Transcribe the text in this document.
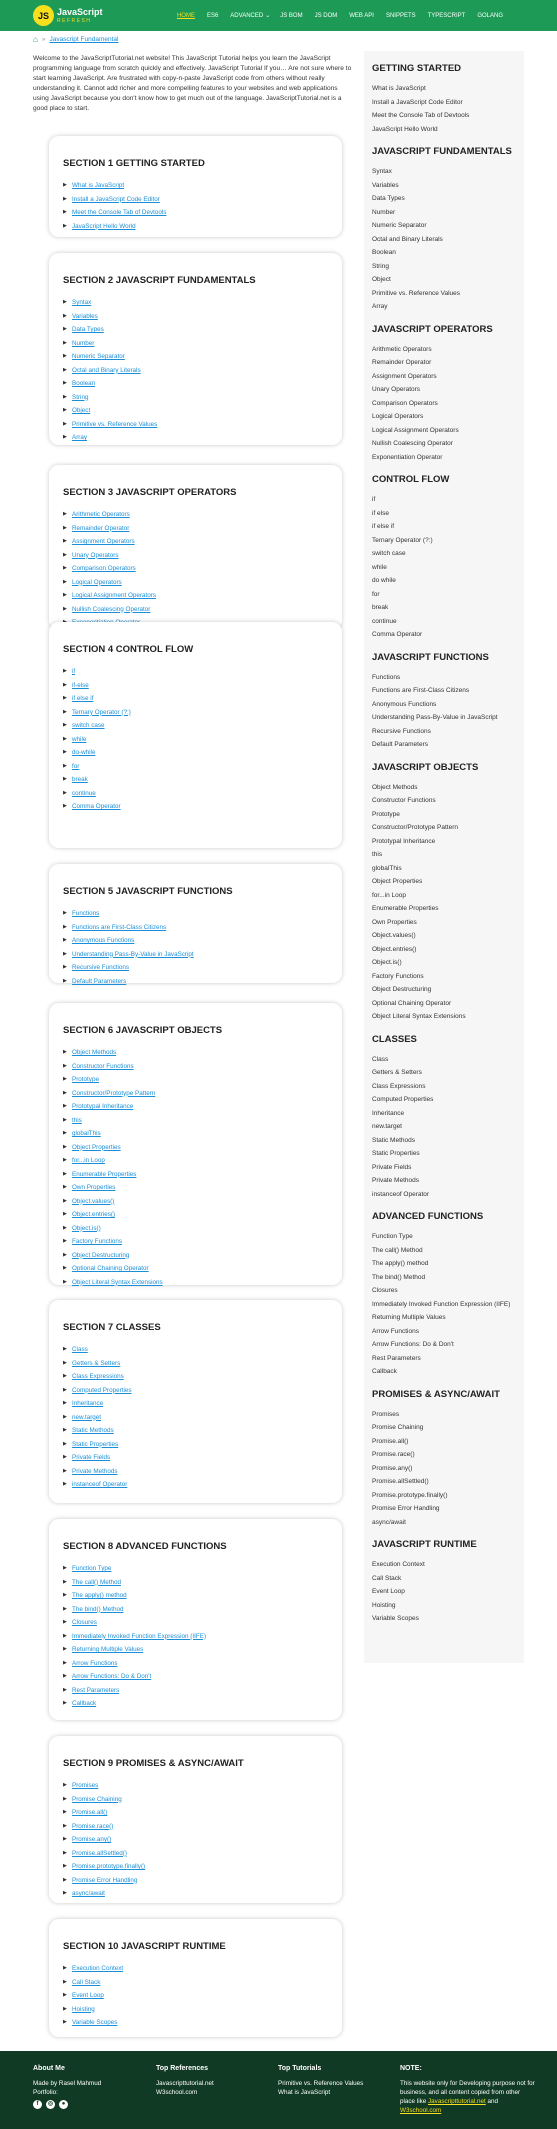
JS JavaScript
REFRESH
HOME	ES6	ADVANCED ⌄	JS BOM	JS DOM	WEB API	SNIPPETS	TYPESCRIPT	GOLANG
⌂ » Javascript Fundamental

Welcome to the JavaScriptTutorial.net website! This JavaScript Tutorial helps you learn the JavaScript programming language from scratch quickly and effectively. JavaScript Tutorial If you… Are not sure where to start learning JavaScript. Are frustrated with copy-n-paste JavaScript code from others without really understanding it. Cannot add richer and more compelling features to your websites and web applications using JavaScript because you don't know how to get much out of the language. JavaScriptTutorial.net is a good place to start.

SECTION 1 GETTING STARTED
▶ What is JavaScript
▶ Install a JavaScript Code Editor
▶ Meet the Console Tab of Devtools
▶ JavaScript Hello World
SECTION 2 JAVASCRIPT FUNDAMENTALS
▶ Syntax
▶ Variables
▶ Data Types
▶ Number
▶ Numeric Separator
▶ Octal and Binary Literals
▶ Boolean
▶ String
▶ Object
▶ Primitive vs. Reference Values
▶ Array
SECTION 3 JAVASCRIPT OPERATORS
▶ Arithmetic Operators
▶ Remainder Operator
▶ Assignment Operators
▶ Unary Operators
▶ Comparison Operators
▶ Logical Operators
▶ Logical Assignment Operators
▶ Nullish Coalescing Operator
SECTION 4 CONTROL FLOW
▶ if
▶ if-else
▶ if else if
▶ Ternary Operator (?:)
▶ switch case
▶ while
▶ do-while
▶ for
▶ break
▶ continue
▶ Comma Operator
SECTION 5 JAVASCRIPT FUNCTIONS
▶ Functions
▶ Functions are First-Class Citizens
▶ Anonymous Functions
▶ Understanding Pass-By-Value in JavaScript
▶ Recursive Functions
▶ Default Parameters
SECTION 6 JAVASCRIPT OBJECTS
▶ Object Methods
▶ Constructor Functions
▶ Prototype
▶ Constructor/Prototype Pattern
▶ Prototypal Inheritance
▶ this
▶ globalThis
▶ Object Properties
▶ for...in Loop
▶ Enumerable Properties
▶ Own Properties
▶ Object.values()
▶ Object.entries()
▶ Object.is()
▶ Factory Functions
▶ Object Destructuring
▶ Optional Chaining Operator
▶ Object Literal Syntax Extensions
SECTION 7 CLASSES
▶ Class
▶ Getters & Setters
▶ Class Expressions
▶ Computed Properties
▶ Inheritance
▶ new.target
▶ Static Methods
▶ Static Properties
▶ Private Fields
▶ Private Methods
▶ instanceof Operator
SECTION 8 ADVANCED FUNCTIONS
▶ Function Type
▶ The call() Method
▶ The apply() method
▶ The bind() Method
▶ Closures
▶ Immediately Invoked Function Expression (IIFE)
▶ Returning Multiple Values
▶ Arrow Functions
▶ Arrow Functions: Do & Don't
▶ Rest Parameters
▶ Callback
SECTION 9 PROMISES & ASYNC/AWAIT
▶ Promises
▶ Promise Chaining
▶ Promise.all()
▶ Promise.race()
▶ Promise.any()
▶ Promise.allSettled()
▶ Promise.prototype.finally()
▶ Promise Error Handling
▶ async/await
SECTION 10 JAVASCRIPT RUNTIME
▶ Execution Context
▶ Call Stack
▶ Event Loop
▶ Hoisting
▶ Variable Scopes
GETTING STARTED
What is JavaScript
Install a JavaScript Code Editor
Meet the Console Tab of Devtools
JavaScript Hello World
JAVASCRIPT FUNDAMENTALS
Syntax
Variables
Data Types
Number
Numeric Separator
Octal and Binary Literals
Boolean
String
Object
Primitive vs. Reference Values
Array
JAVASCRIPT OPERATORS
Arithmetic Operators
Remainder Operator
Assignment Operators
Unary Operators
Comparison Operators
Logical Operators
Logical Assignment Operators
Nullish Coalescing Operator
Exponentiation Operator
CONTROL FLOW
if
if else
if else if
Ternary Operator (?:)
switch case
while
do while
for
break
continue
Comma Operator
JAVASCRIPT FUNCTIONS
Functions
Functions are First-Class Citizens
Anonymous Functions
Understanding Pass-By-Value in JavaScript
Recursive Functions
Default Parameters
JAVASCRIPT OBJECTS
Object Methods
Constructor Functions
Prototype
Constructor/Prototype Pattern
Prototypal Inheritance
this
globalThis
Object Properties
for...in Loop
Enumerable Properties
Own Properties
Object.values()
Object.entries()
Object.is()
Factory Functions
Object Destructuring
Optional Chaining Operator
Object Literal Syntax Extensions
CLASSES
Class
Getters & Setters
Class Expressions
Computed Properties
Inheritance
new.target
Static Methods
Static Properties
Private Fields
Private Methods
instanceof Operator
ADVANCED FUNCTIONS
Function Type
The call() Method
The apply() method
The bind() Method
Closures
Immediately Invoked Function Expression (IIFE)
Returning Multiple Values
Arrow Functions
Arrow Functions: Do & Don't
Rest Parameters
Callback
PROMISES & ASYNC/AWAIT
Promises
Promise Chaining
Promise.all()
Promise.race()
Promise.any()
Promise.allSettled()
Promise.prototype.finally()
Promise Error Handling
async/await
JAVASCRIPT RUNTIME
Execution Context
Call Stack
Event Loop
Hoisting
Variable Scopes
About Me
Made by Rasel Mahmud
Portfolio:
f	◎	●
Top References
Javascripttutorial.net
W3school.com
Top Tutorials
Primitive vs. Reference Values
What is JavaScript
NOTE:
This website only for Developing purpose not for business, and all content copied from other place like Javascripttutorial.net and W3school.com
